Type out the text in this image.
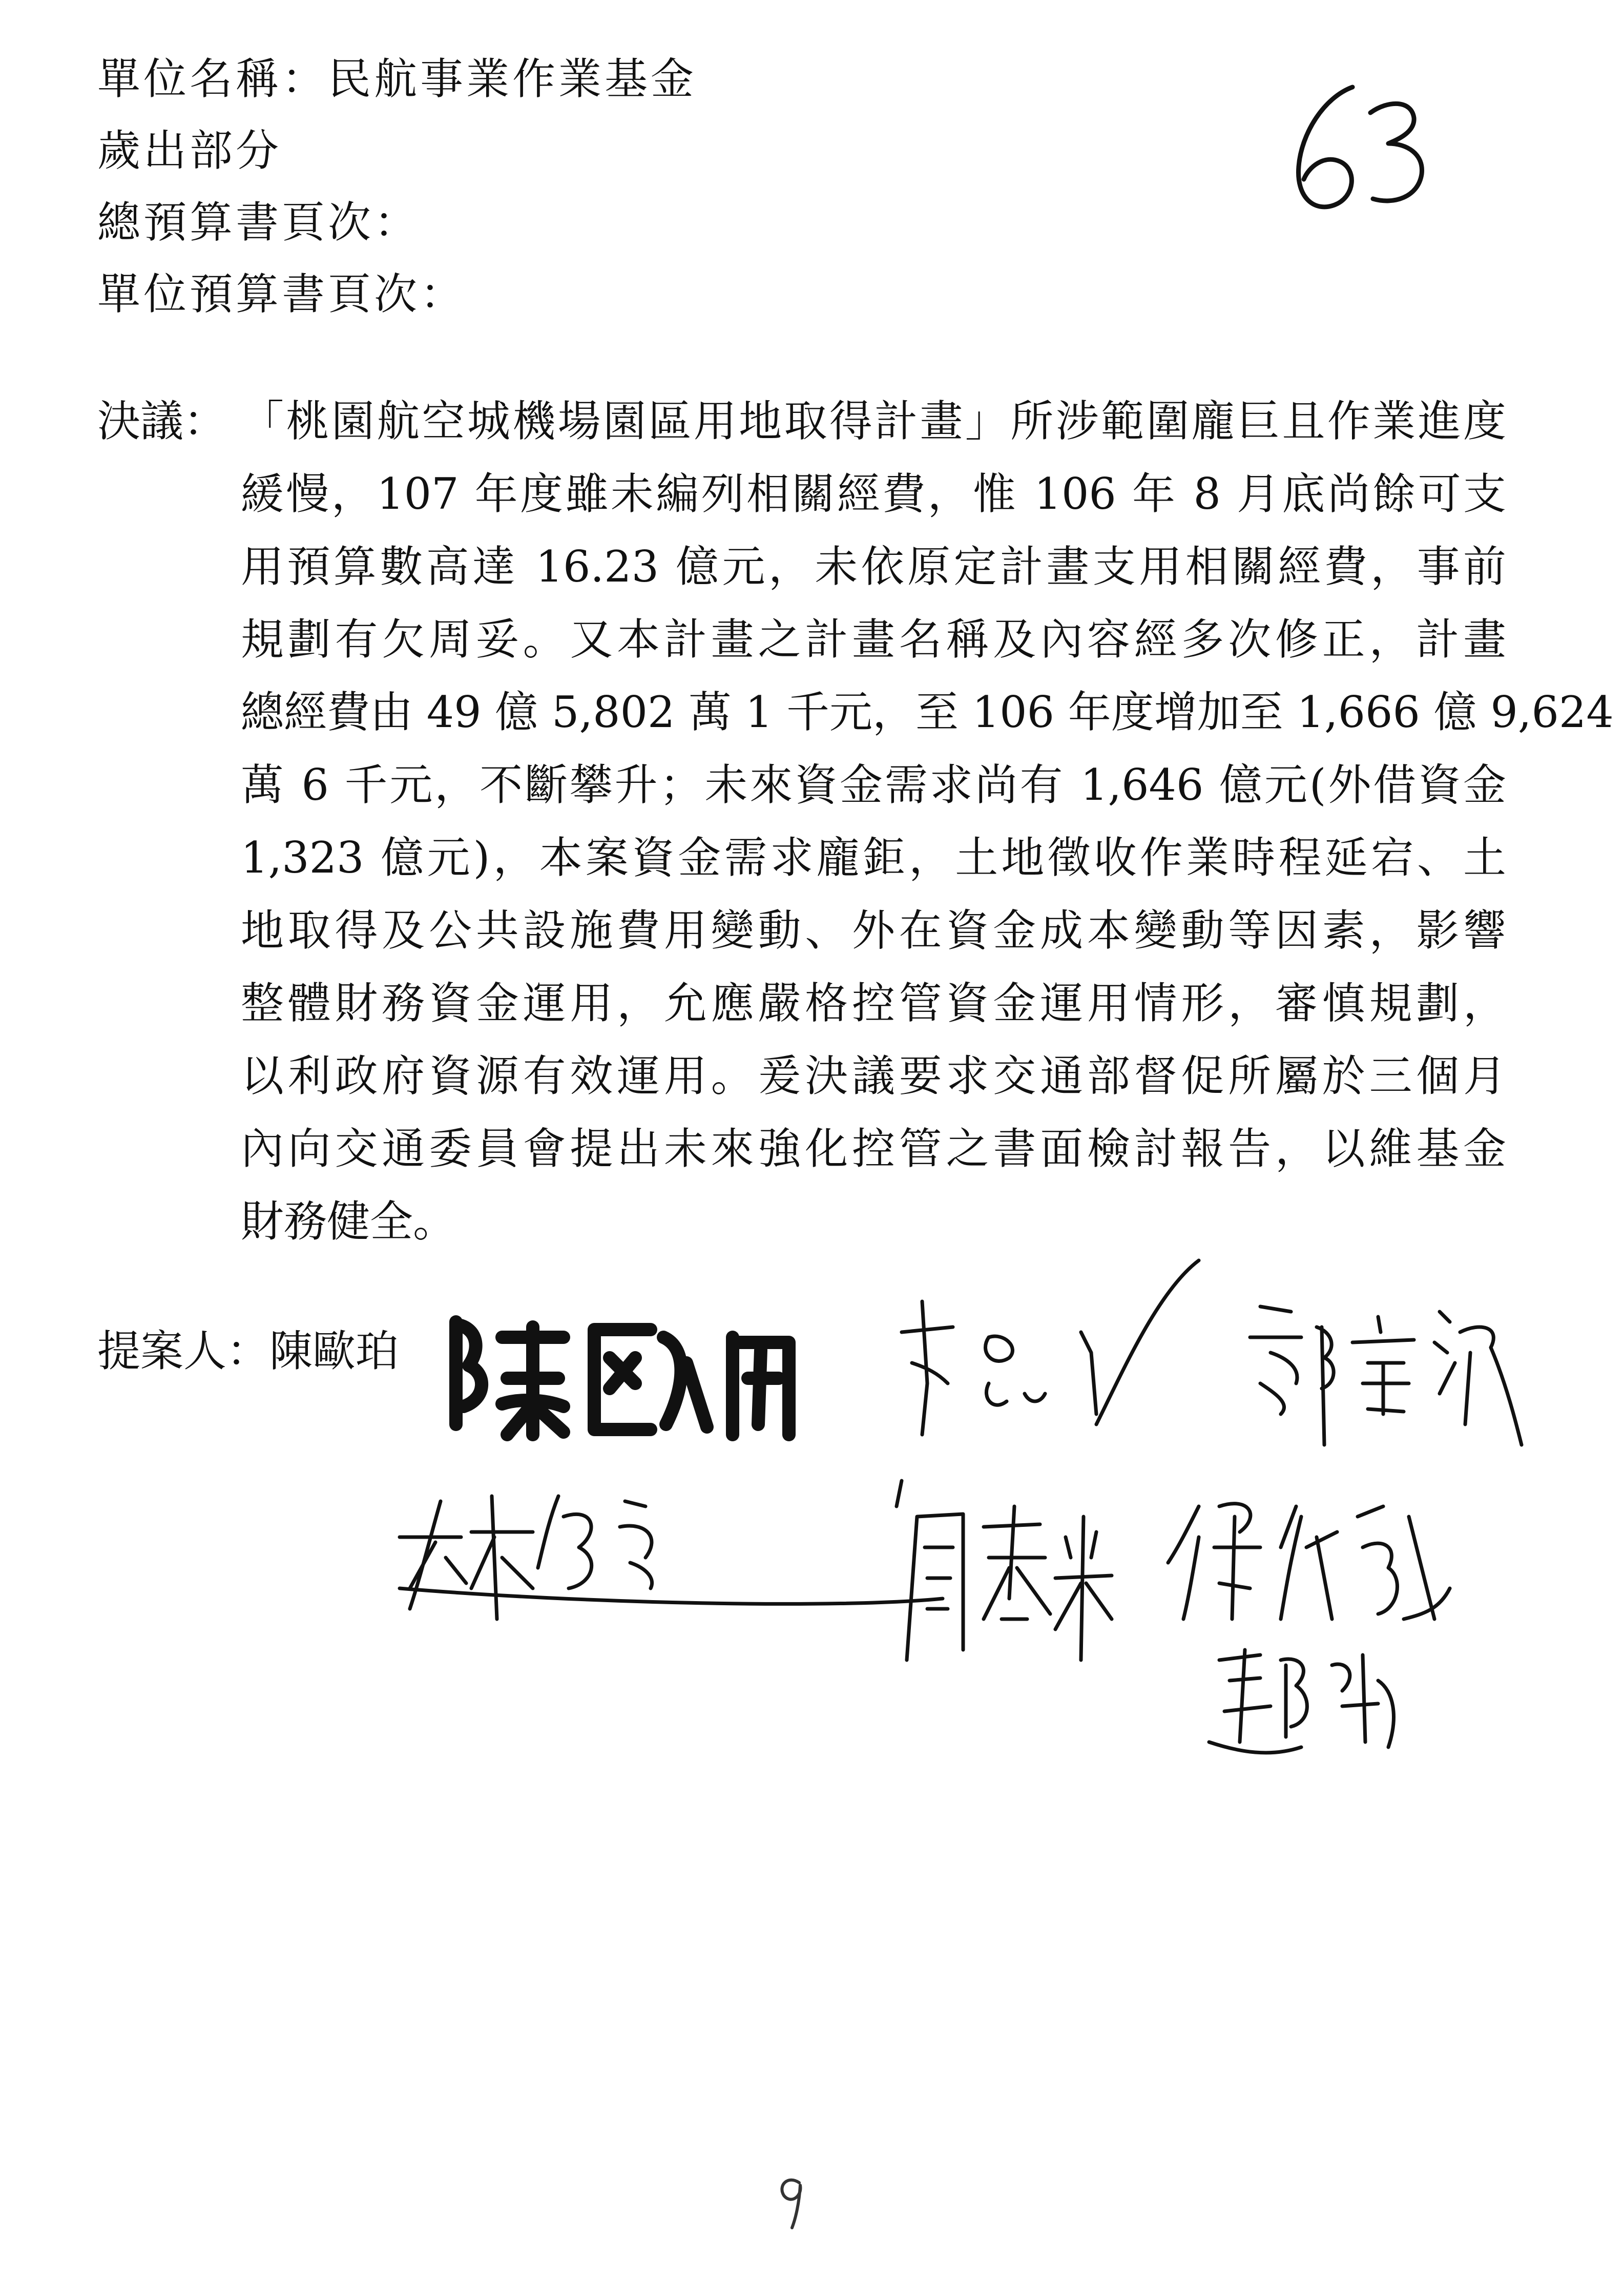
單位名稱：民航事業作業基金
歲出部分
總預算書頁次：
單位預算書頁次：
決議： 「桃園航空城機場園區用地取得計畫」所涉範圍龐巨且作業進度
緩慢，107 年度雖未編列相關經費，惟 106 年 8 月底尚餘可支
用預算數高達 16.23 億元，未依原定計畫支用相關經費，事前
規劃有欠周妥。又本計畫之計畫名稱及內容經多次修正，計畫
總經費由 49 億 5,802 萬 1 千元，至 106 年度增加至 1,666 億 9,624
萬 6 千元，不斷攀升；未來資金需求尚有 1,646 億元(外借資金
1,323 億元)，本案資金需求龐鉅，土地徵收作業時程延宕、土
地取得及公共設施費用變動、外在資金成本變動等因素，影響
整體財務資金運用，允應嚴格控管資金運用情形，審慎規劃，
以利政府資源有效運用。爰決議要求交通部督促所屬於三個月
內向交通委員會提出未來強化控管之書面檢討報告，以維基金
財務健全。
提案人：陳歐珀
